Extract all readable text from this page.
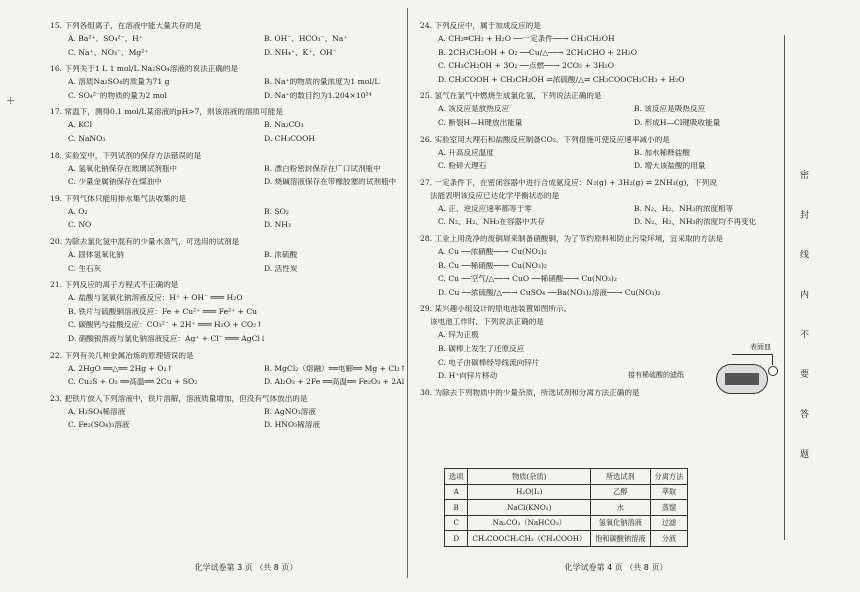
15. 下列各组离子，在溶液中能大量共存的是
A. Ba²⁺、SO₄²⁻、H⁺	B. OH⁻、HCO₃⁻、Na⁺
C. Na⁺、NO₃⁻、Mg²⁺	D. NH₄⁺、K⁺、OH⁻
16. 下列关于1 L 1 mol/L Na₂SO₄溶液的说法正确的是
A. 溶质Na₂SO₄的质量为71 g	B. Na⁺的物质的量浓度为1 mol/L
C. SO₄²⁻的物质的量为2 mol	D. Na⁺的数目约为1.204×10²⁴
17. 常温下，测得0.1 mol/L某溶液的pH>7，则该溶液的溶质可能是
A. KCl	B. Na₂CO₃
C. NaNO₃	D. CH₃COOH
18. 实验室中，下列试剂的保存方法错误的是
A. 氢氧化钠保存在玻璃试剂瓶中	B. 漂白粉密封保存在广口试剂瓶中
C. 少量金属钠保存在煤油中	D. 烧碱溶液保存在带橡胶塞的试剂瓶中
19. 下列气体只能用排水集气法收集的是
A. O₂	B. SO₂
C. NO	D. NH₃
20. 为除去氯化氢中混有的少量水蒸气，可选用的试剂是
A. 固体氢氧化钠	B. 浓硫酸
C. 生石灰	D. 活性炭
21. 下列反应的离子方程式不正确的是
A. 盐酸与氢氧化钠溶液反应：H⁺ + OH⁻ ═══ H₂O
B. 铁片与硫酸铜溶液反应：Fe + Cu²⁺ ═══ Fe²⁺ + Cu
C. 碳酸钙与盐酸反应：CO₃²⁻ + 2H⁺ ═══ H₂O + CO₂↑
D. 硝酸银溶液与氯化钠溶液反应：Ag⁺ + Cl⁻ ═══ AgCl↓
22. 下列有关几种金属冶炼的原理错误的是
A. 2HgO ══△══ 2Hg + O₂↑	B. MgCl₂（熔融）══电解══ Mg + Cl₂↑
C. Cu₂S + O₂ ══高温══ 2Cu + SO₂	D. Al₂O₃ + 2Fe ══高温══ Fe₂O₃ + 2Al
23. 把铁片放入下列溶液中，铁片溶解，溶液质量增加，但没有气体放出的是
A. H₂SO₄稀溶液	B. AgNO₃溶液
C. Fe₂(SO₄)₃溶液	D. HNO₃稀溶液
化学试卷第 3 页 （共 8 页）
24. 下列反应中，属于加成反应的是
A. CH₂═CH₂ + H₂O ──一定条件──→ CH₃CH₂OH
B. 2CH₃CH₂OH + O₂ ──Cu/△──→ 2CH₃CHO + 2H₂O
C. CH₃CH₂OH + 3O₂ ──点燃──→ 2CO₂ + 3H₂O
D. CH₃COOH + CH₃CH₂OH ⇌浓硫酸/△⇌ CH₃COOCH₂CH₃ + H₂O
25. 氢气在氯气中燃烧生成氯化氢，下列说法正确的是
A. 该反应是放热反应	B. 该反应是吸热反应
C. 断裂H—H键放出能量	D. 形成H—Cl键吸收能量
26. 实验室用大理石和盐酸反应制备CO₂。下列措施可使反应速率减小的是
A. 升高反应温度	B. 加水稀释盐酸
C. 粉碎大理石	D. 增大该盐酸的用量
27. 一定条件下，在密闭容器中进行合成氨反应：N₂(g) + 3H₂(g) ⇌ 2NH₃(g)，下列说
法能表明该反应已达化学平衡状态的是
A. 正、逆反应速率都等于零	B. N₂、H₂、NH₃的浓度相等
C. N₂、H₂、NH₃在容器中共存	D. N₂、H₂、NH₃的浓度均不再变化
28. 工业上用洗净的废铜屑来制备硝酸铜，为了节约原料和防止污染环境，宜采取的方法是
A. Cu ──浓硝酸──→ Cu(NO₃)₂
B. Cu ──稀硝酸──→ Cu(NO₃)₂
C. Cu ──空气/△──→ CuO ──稀硝酸──→ Cu(NO₃)₂
D. Cu ──浓硫酸/△──→ CuSO₄ ──Ba(NO₃)₂溶液──→ Cu(NO₃)₂
29. 某兴趣小组设计的原电池装置如图所示。
该电池工作时，下列说法正确的是
A. 锌为正极
B. 碳棒上发生了还原反应
C. 电子由碳棒经导线流向锌片
D. H⁺向锌片移动
30. 为除去下列物质中的少量杂质，所选试剂和分离方法正确的是
表面皿
接有稀硫酸的滤纸
选项	物质(杂质)	所选试剂	分离方法
A	H₂O(I₂)	乙醇	萃取
B	NaCl(KNO₃)	水	蒸馏
C	Na₂CO₃（NaHCO₃）	氢氧化钠溶液	过滤
D	CH₃COOCH₂CH₃（CH₃COOH）	饱和碳酸钠溶液	分液
化学试卷第 4 页 （共 8 页）
密 封 线 内 不 要 答 题
+
